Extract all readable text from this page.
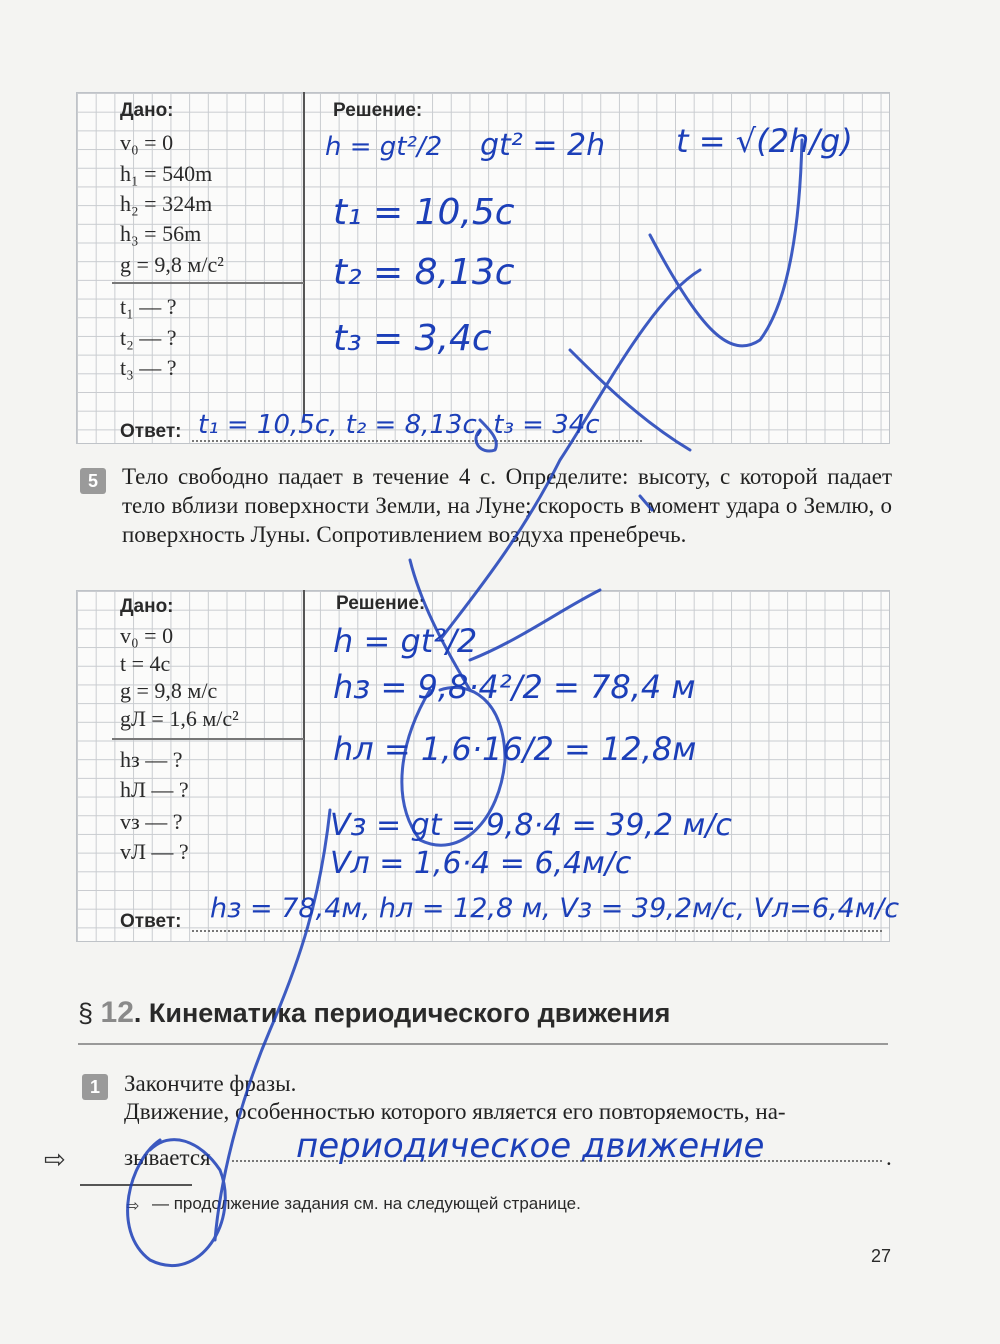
Дано:	Решение:
v₀ = 0
h₁ = 540m
h₂ = 324m
h₃ = 56m
g = 9,8 м/с²
t₁ — ?
t₂ — ?
t₃ — ?
h = gt²/2 gt² = 2h t = √(2h/g)
t₁ = 10,5c
t₂ = 8,13c
t₃ = 3,4c
Ответ: t₁ = 10,5c, t₂ = 8,13c, t₃ = 34c
5	Тело свободно падает в течение 4 с. Определите: высоту, с которой падает тело вблизи поверхности Земли, на Луне; скорость в момент удара о Землю, о поверхность Луны. Сопротивлением воздуха пренебречь.
Дано:	Решение:
v₀ = 0
t = 4c
g = 9,8 м/с
gЛ = 1,6 м/с²
hз — ?
hЛ — ?
vз — ?
vЛ — ?
h = gt²/2
hз = 9,8·4²/2 = 78,4 м
hл = 1,6·16/2 = 12,8м
Vз = gt = 9,8·4 = 39,2 м/с
Vл = 1,6·4 = 6,4м/с
Ответ: hз = 78,4м, hл = 12,8 м, Vз = 39,2м/с, Vл=6,4м/с
§ 12. Кинематика периодического движения
1	Закончите фразы.
Движение, особенностью которого является его повторяемость, на-
зывается	периодическое движение	.
⇨
⇨ — продолжение задания см. на следующей странице.
27
